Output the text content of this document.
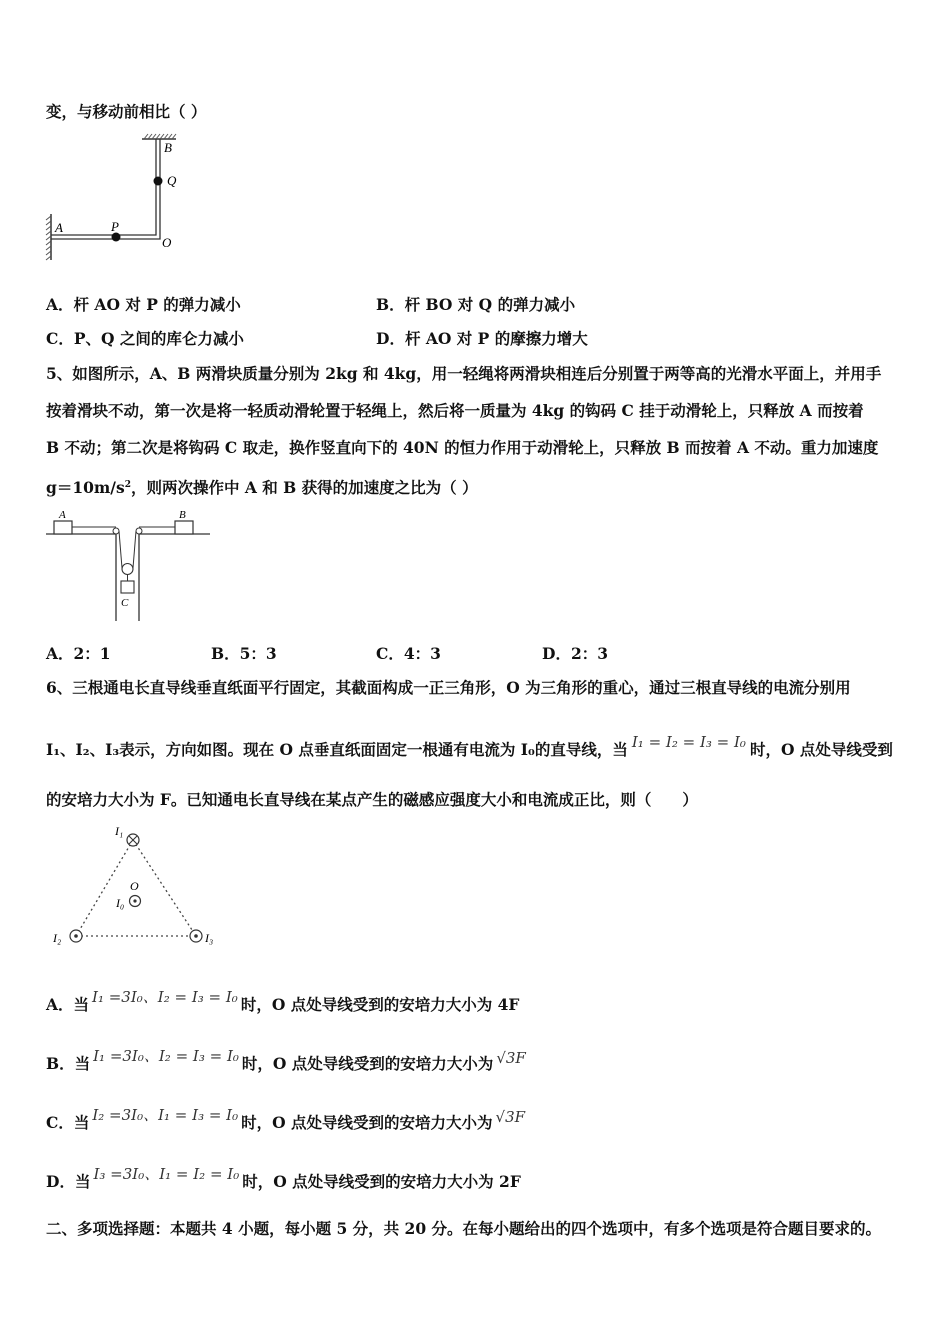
变，与移动前相比（ ）
B
Q
A	P
O
A．杆 AO 对 P 的弹力减小	B．杆 BO 对 Q 的弹力减小
C．P、Q 之间的库仑力减小	D．杆 AO 对 P 的摩擦力增大
5、如图所示，A、B 两滑块质量分别为 2kg 和 4kg，用一轻绳将两滑块相连后分别置于两等高的光滑水平面上，并用手
按着滑块不动，第一次是将一轻质动滑轮置于轻绳上，然后将一质量为 4kg 的钩码 C 挂于动滑轮上，只释放 A 而按着
B 不动；第二次是将钩码 C 取走，换作竖直向下的 40N 的恒力作用于动滑轮上，只释放 B 而按着 A 不动。重力加速度
$g=10m/s^2$，则两次操作中 A 和 B 获得的加速度之比为（ ）
A	B
C
A．2：1	B．5：3	C．4：3	D．2：3
6、三根通电长直导线垂直纸面平行固定，其截面构成一正三角形，O 为三角形的重心，通过三根直导线的电流分别用
I₁、I₂、I₃表示，方向如图。现在 O 点垂直纸面固定一根通有电流为 I₀的直导线，当 I₁ = I₂ = I₃ = I₀ 时，O 点处导线受到
的安培力大小为 F。已知通电长直导线在某点产生的磁感应强度大小和电流成正比，则（　　）
I₁
O
I₀
I₂	I₃
A．当 I₁ =3I₀、I₂ = I₃ = I₀ 时，O 点处导线受到的安培力大小为 4F
B．当 I₁ =3I₀、I₂ = I₃ = I₀ 时，O 点处导线受到的安培力大小为 √3F
C．当 I₂ =3I₀、I₁ = I₃ = I₀ 时，O 点处导线受到的安培力大小为 √3F
D．当 I₃ =3I₀、I₁ = I₂ = I₀ 时，O 点处导线受到的安培力大小为 2F
二、多项选择题：本题共 4 小题，每小题 5 分，共 20 分。在每小题给出的四个选项中，有多个选项是符合题目要求的。
